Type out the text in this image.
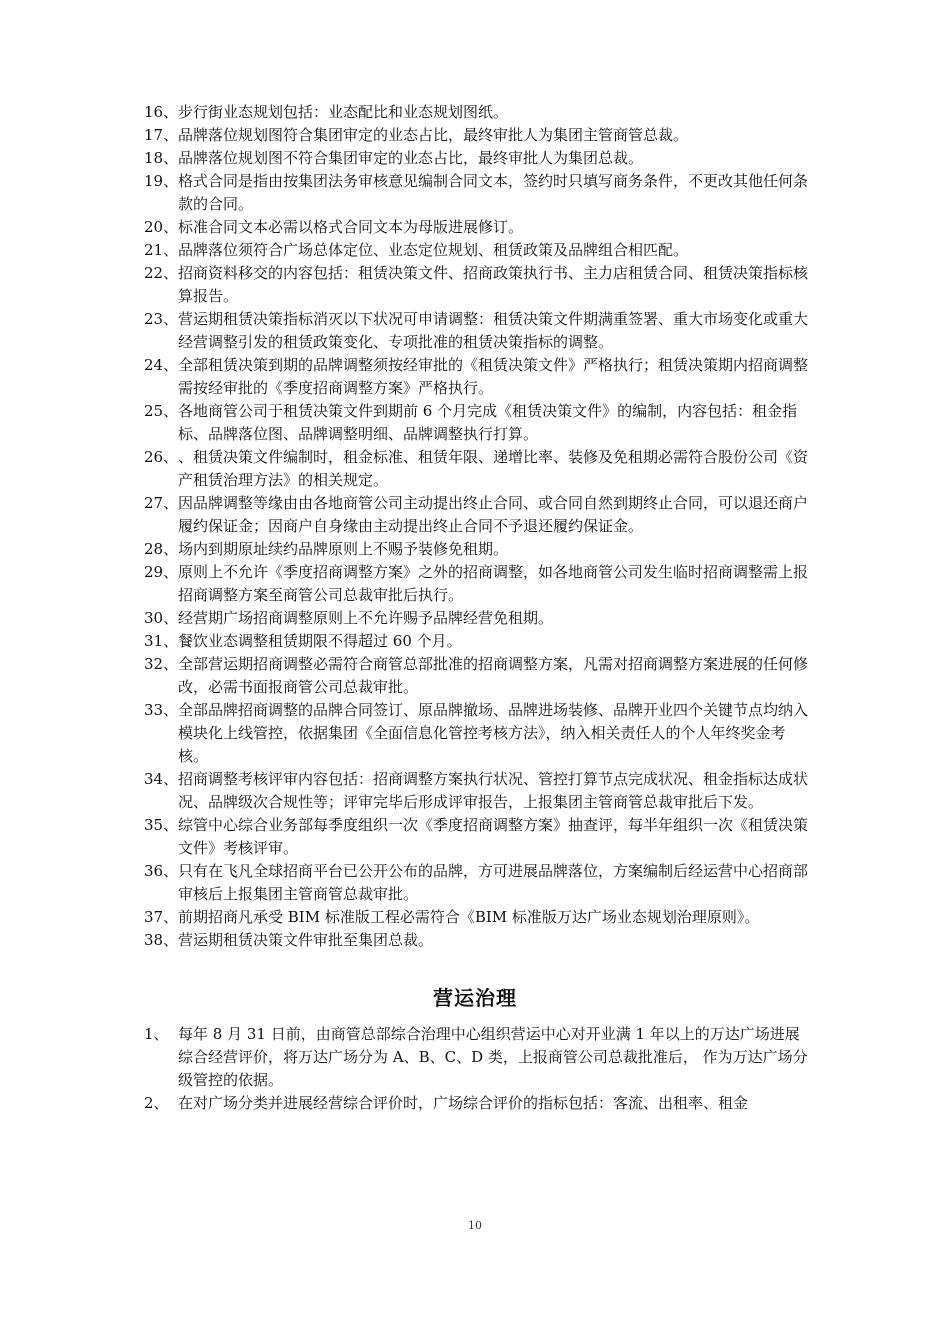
16、 步行街业态规划包括：业态配比和业态规划图纸。
17、 品牌落位规划图符合集团审定的业态占比，最终审批人为集团主管商管总裁。
18、 品牌落位规划图不符合集团审定的业态占比，最终审批人为集团总裁。
19、 格式合同是指由按集团法务审核意见编制合同文本，签约时只填写商务条件，不更改其他任何条款的合同。
20、 标准合同文本必需以格式合同文本为母版进展修订。
21、 品牌落位须符合广场总体定位、业态定位规划、租赁政策及品牌组合相匹配。
22、 招商资料移交的内容包括：租赁决策文件、招商政策执行书、主力店租赁合同、租赁决策指标核算报告。
23、 营运期租赁决策指标消灭以下状况可申请调整：租赁决策文件期满重签署、重大市场变化或重大经营调整引发的租赁政策变化、专项批准的租赁决策指标的调整。
24、 全部租赁决策到期的品牌调整须按经审批的《租赁决策文件》严格执行；租赁决策期内招商调整需按经审批的《季度招商调整方案》严格执行。
25、 各地商管公司于租赁决策文件到期前 6 个月完成《租赁决策文件》的编制，内容包括：租金指标、品牌落位图、品牌调整明细、品牌调整执行打算。
26、 、租赁决策文件编制时，租金标准、租赁年限、递增比率、装修及免租期必需符合股份公司《资产租赁治理方法》的相关规定。
27、 因品牌调整等缘由由各地商管公司主动提出终止合同、或合同自然到期终止合同，可以退还商户履约保证金；因商户自身缘由主动提出终止合同不予退还履约保证金。
28、 场内到期原址续约品牌原则上不赐予装修免租期。
29、 原则上不允许《季度招商调整方案》之外的招商调整，如各地商管公司发生临时招商调整需上报招商调整方案至商管公司总裁审批后执行。
30、 经营期广场招商调整原则上不允许赐予品牌经营免租期。
31、 餐饮业态调整租赁期限不得超过 60 个月。
32、 全部营运期招商调整必需符合商管总部批准的招商调整方案，凡需对招商调整方案进展的任何修改，必需书面报商管公司总裁审批。
33、 全部品牌招商调整的品牌合同签订、原品牌撤场、品牌进场装修、品牌开业四个关键节点均纳入模块化上线管控，依据集团《全面信息化管控考核方法》，纳入相关责任人的个人年终奖金考核。
34、 招商调整考核评审内容包括：招商调整方案执行状况、管控打算节点完成状况、租金指标达成状况、品牌级次合规性等；评审完毕后形成评审报告，上报集团主管商管总裁审批后下发。
35、 综管中心综合业务部每季度组织一次《季度招商调整方案》抽查评，每半年组织一次《租赁决策文件》考核评审。
36、 只有在飞凡全球招商平台已公开公布的品牌，方可进展品牌落位，方案编制后经运营中心招商部审核后上报集团主管商管总裁审批。
37、 前期招商凡承受 BIM 标准版工程必需符合《BIM 标准版万达广场业态规划治理原则》。
38、 营运期租赁决策文件审批至集团总裁。
营运治理
1、 每年 8 月 31 日前，由商管总部综合治理中心组织营运中心对开业满 1 年以上的万达广场进展综合经营评价，将万达广场分为 A、B、C、D 类，上报商管公司总裁批准后， 作为万达广场分级管控的依据。
2、 在对广场分类并进展经营综合评价时，广场综合评价的指标包括：客流、出租率、租金
10
